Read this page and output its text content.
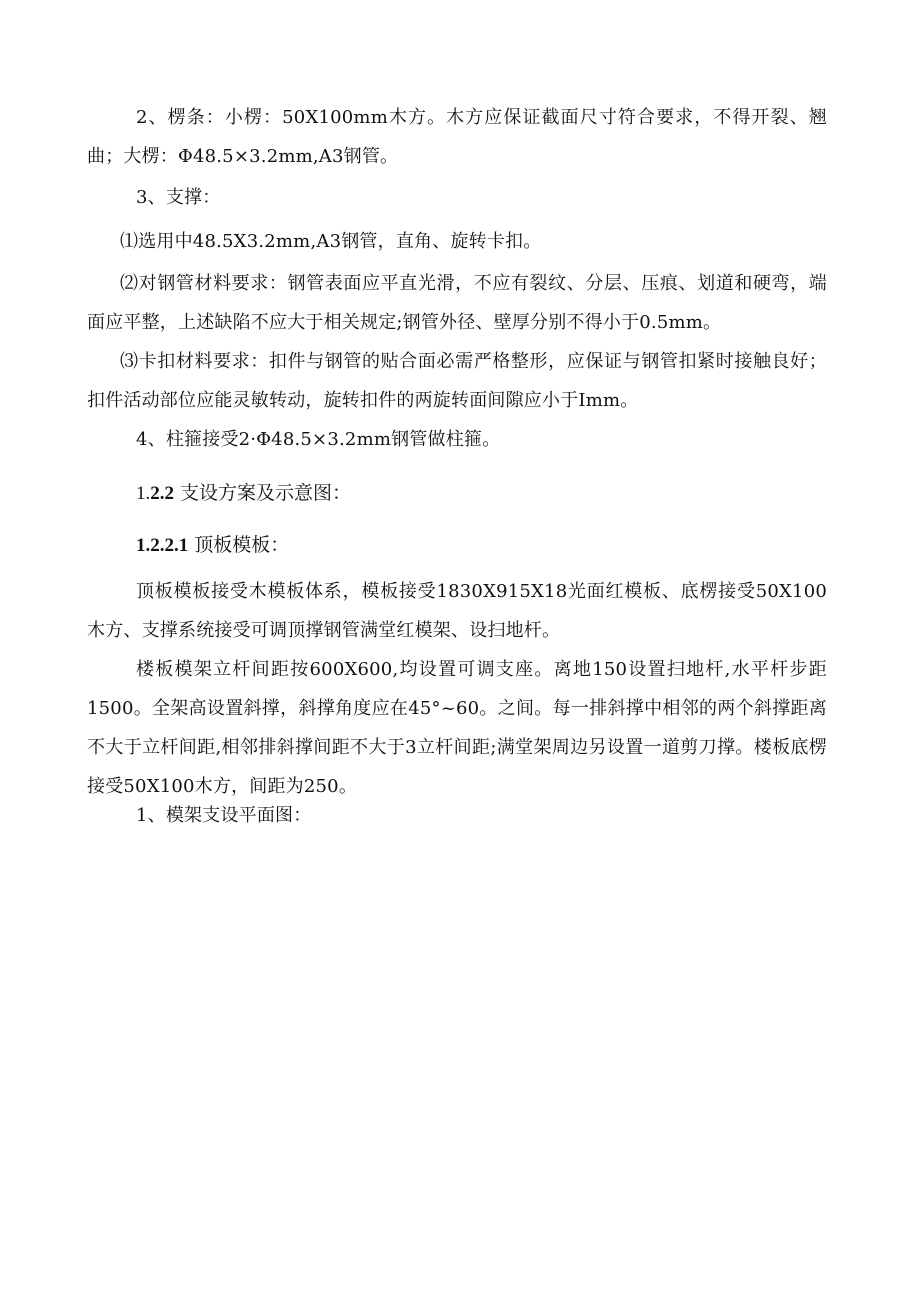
2、楞条：小楞：50X100mm木方。木方应保证截面尺寸符合要求，不得开裂、翘曲；大楞：Φ48.5×3.2mm,A3钢管。

3、支撑：

⑴选用中48.5X3.2mm,A3钢管，直角、旋转卡扣。

⑵对钢管材料要求：钢管表面应平直光滑，不应有裂纹、分层、压痕、划道和硬弯，端面应平整，上述缺陷不应大于相关规定;钢管外径、壁厚分别不得小于0.5mm。

⑶卡扣材料要求：扣件与钢管的贴合面必需严格整形，应保证与钢管扣紧时接触良好；扣件活动部位应能灵敏转动，旋转扣件的两旋转面间隙应小于Imm。

4、柱箍接受2·Φ48.5×3.2mm钢管做柱箍。

1.2.2 支设方案及示意图：
1.2.2.1 顶板模板：

顶板模板接受木模板体系，模板接受1830X915X18光面红模板、底楞接受50X100木方、支撑系统接受可调顶撑钢管满堂红模架、设扫地杆。

楼板模架立杆间距按600X600,均设置可调支座。离地150设置扫地杆,水平杆步距1500。全架高设置斜撑，斜撑角度应在45°~60。之间。每一排斜撑中相邻的两个斜撑距离不大于立杆间距,相邻排斜撑间距不大于3立杆间距;满堂架周边另设置一道剪刀撑。楼板底楞接受50X100木方，间距为250。

1、模架支设平面图：
